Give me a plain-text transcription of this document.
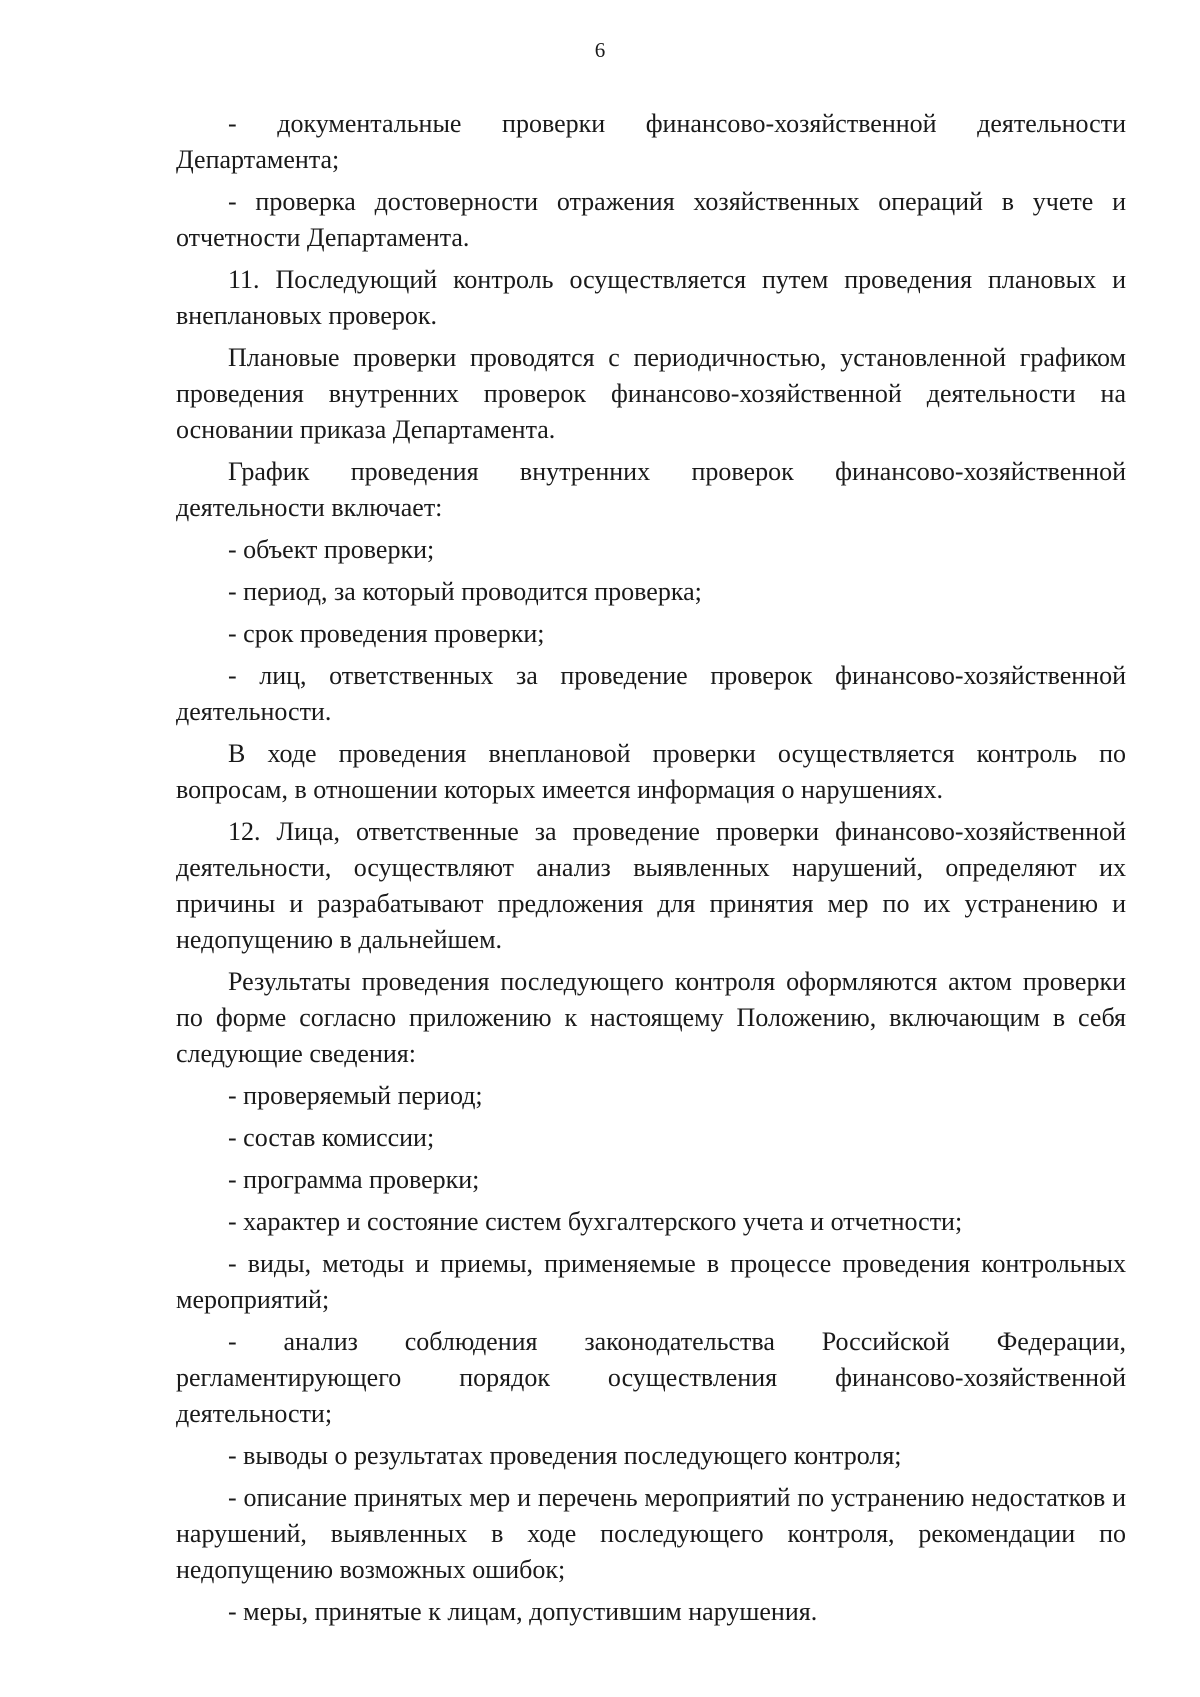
6

- документальные проверки финансово-хозяйственной деятельности Департамента;

- проверка достоверности отражения хозяйственных операций в учете и отчетности Департамента.

11. Последующий контроль осуществляется путем проведения плановых и внеплановых проверок.

Плановые проверки проводятся с периодичностью, установленной графиком проведения внутренних проверок финансово-хозяйственной деятельности на основании приказа Департамента.

График проведения внутренних проверок финансово-хозяйственной деятельности включает:

- объект проверки;

- период, за который проводится проверка;

- срок проведения проверки;

- лиц, ответственных за проведение проверок финансово-хозяйственной деятельности.

В ходе проведения внеплановой проверки осуществляется контроль по вопросам, в отношении которых имеется информация о нарушениях.

12. Лица, ответственные за проведение проверки финансово-хозяйственной деятельности, осуществляют анализ выявленных нарушений, определяют их причины и разрабатывают предложения для принятия мер по их устранению и недопущению в дальнейшем.

Результаты проведения последующего контроля оформляются актом проверки по форме согласно приложению к настоящему Положению, включающим в себя следующие сведения:

- проверяемый период;

- состав комиссии;

- программа проверки;

- характер и состояние систем бухгалтерского учета и отчетности;

- виды, методы и приемы, применяемые в процессе проведения контрольных мероприятий;

- анализ соблюдения законодательства Российской Федерации, регламентирующего порядок осуществления финансово-хозяйственной деятельности;

- выводы о результатах проведения последующего контроля;

- описание принятых мер и перечень мероприятий по устранению недостатков и нарушений, выявленных в ходе последующего контроля, рекомендации по недопущению возможных ошибок;

- меры, принятые к лицам, допустившим нарушения.
